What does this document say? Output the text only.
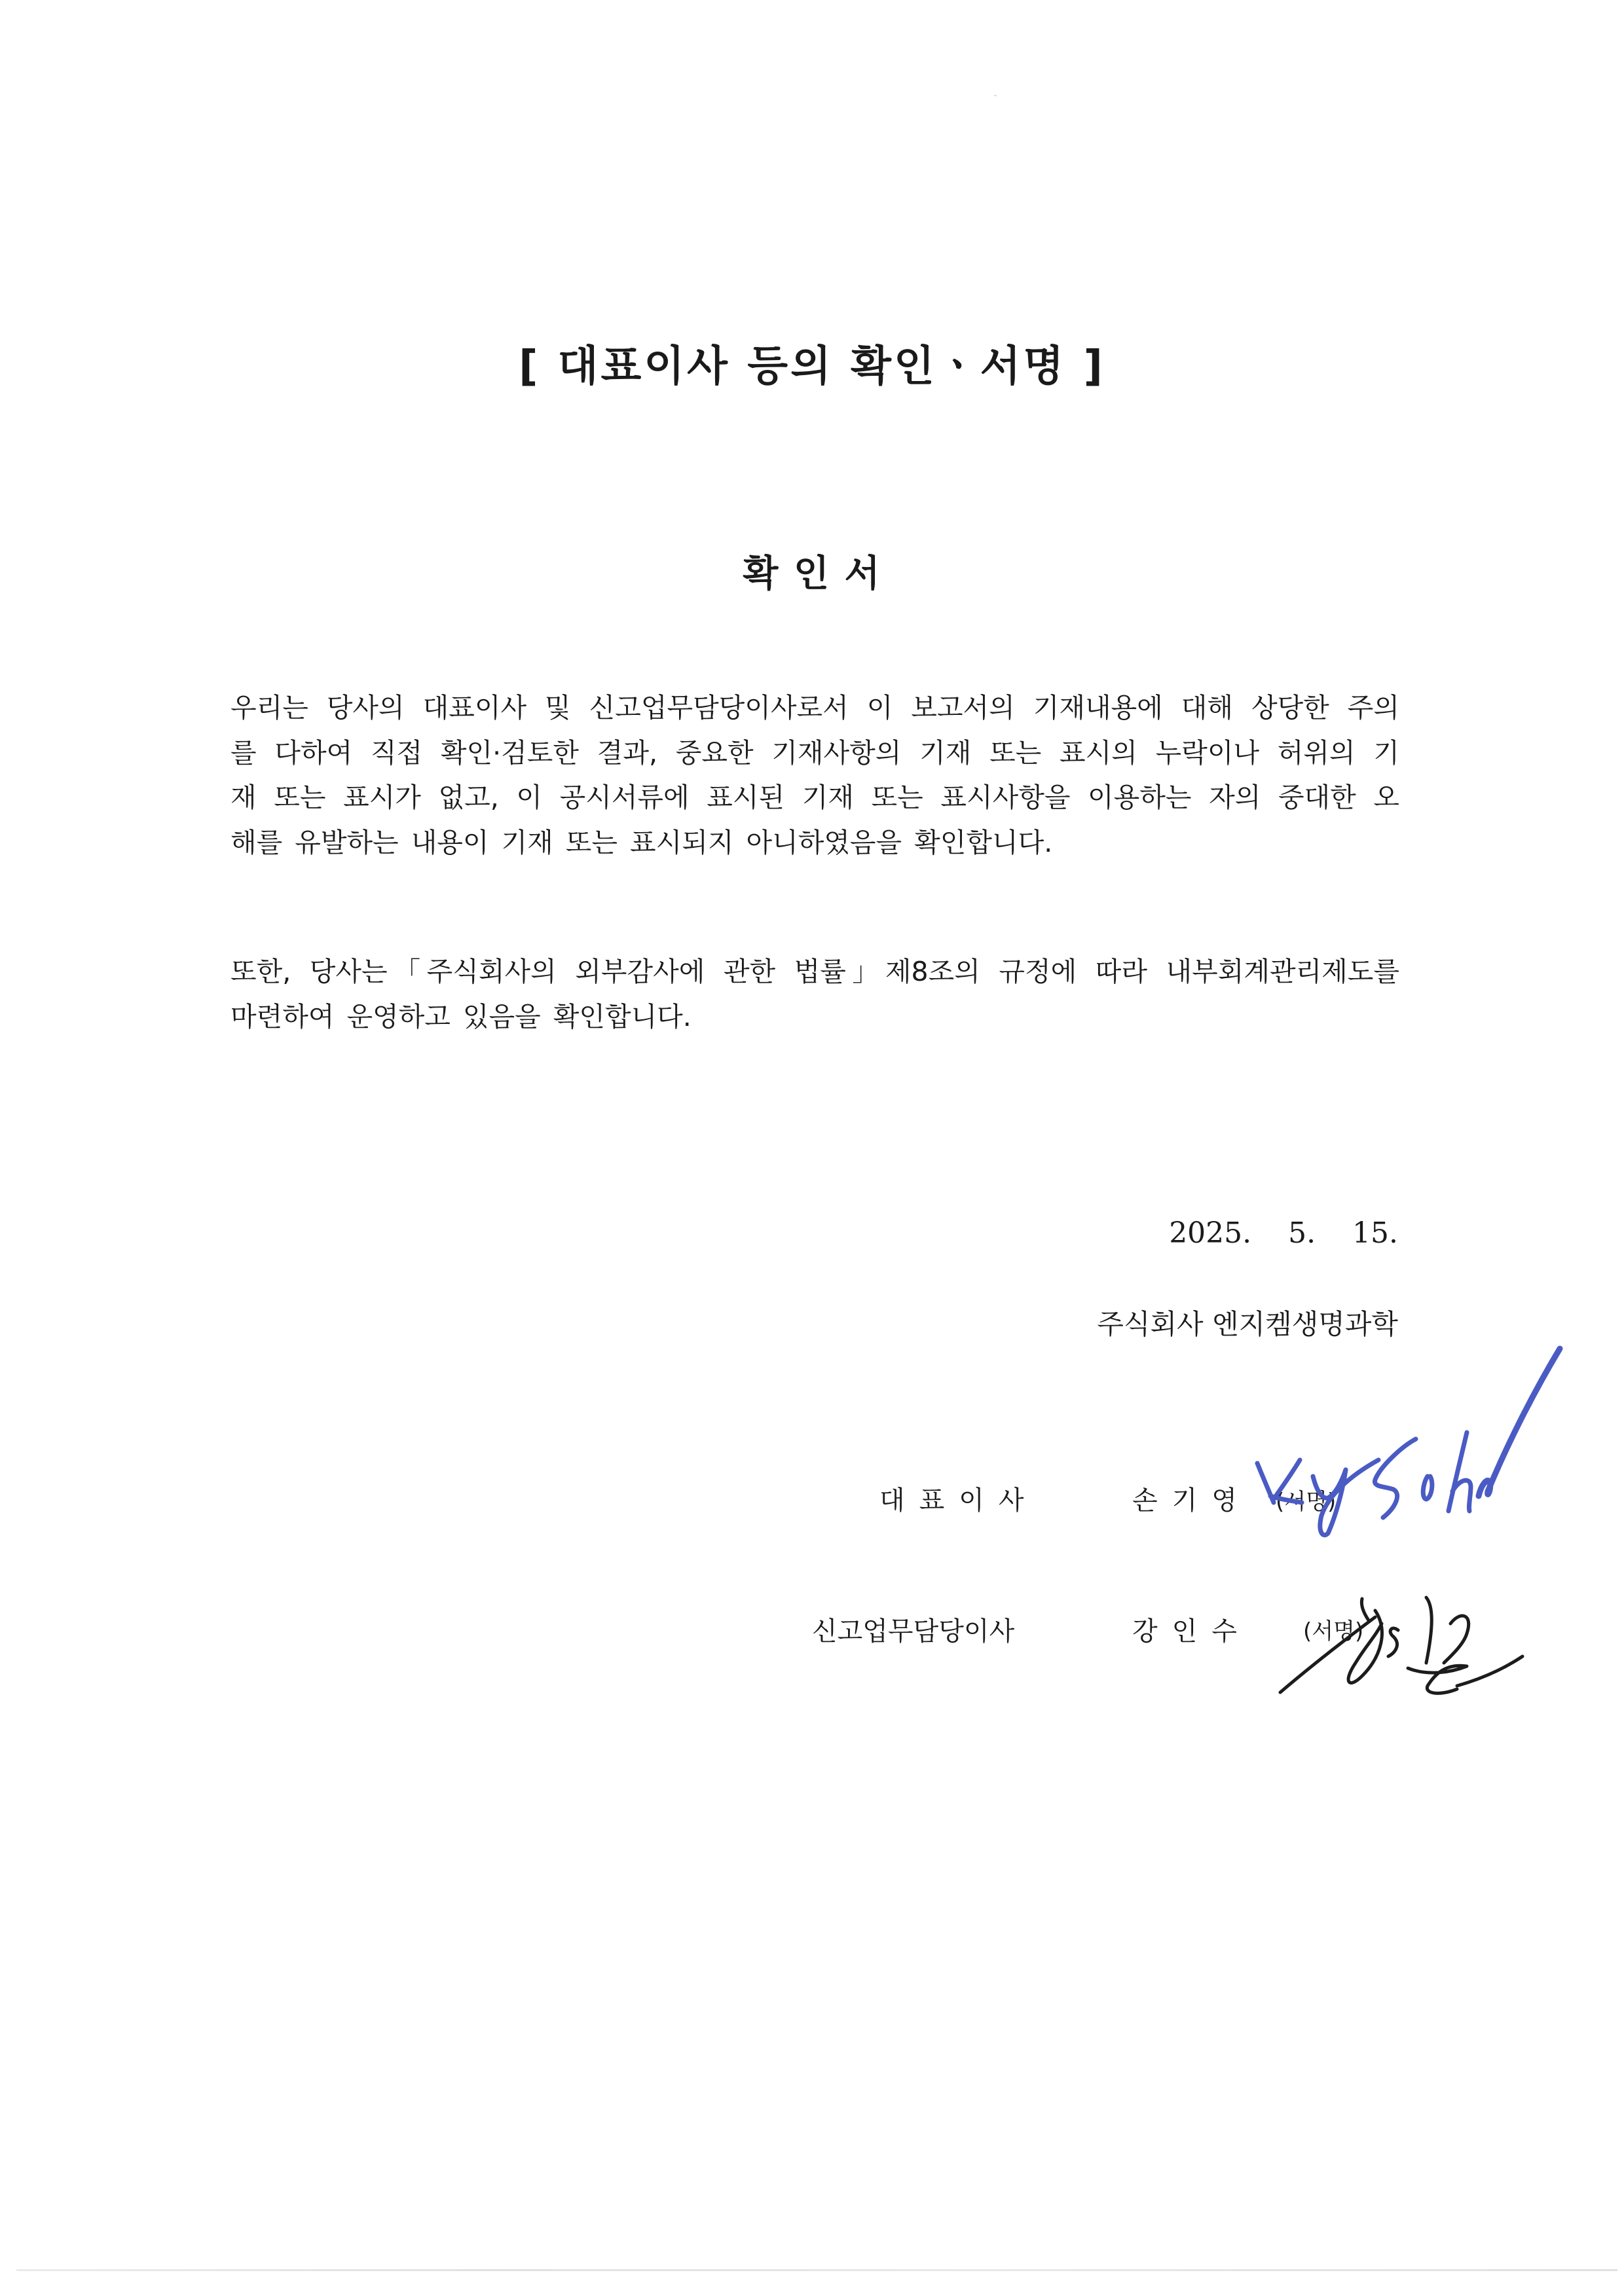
[ 대표이사 등의 확인ㆍ서명 ]
확 인 서
우리는 당사의 대표이사 및 신고업무담당이사로서 이 보고서의 기재내용에 대해 상당한 주의
를 다하여 직접 확인·검토한 결과, 중요한 기재사항의 기재 또는 표시의 누락이나 허위의 기
재 또는 표시가 없고, 이 공시서류에 표시된 기재 또는 표시사항을 이용하는 자의 중대한 오
해를 유발하는 내용이 기재 또는 표시되지 아니하였음을 확인합니다.
또한, 당사는「주식회사의 외부감사에 관한 법률」제8조의 규정에 따라 내부회계관리제도를
마련하여 운영하고 있음을 확인합니다.
2025.    5.    15.
주식회사 엔지켐생명과학
대표이사	손기영 (서명)
신고업무담당이사	강인수 (서명)
